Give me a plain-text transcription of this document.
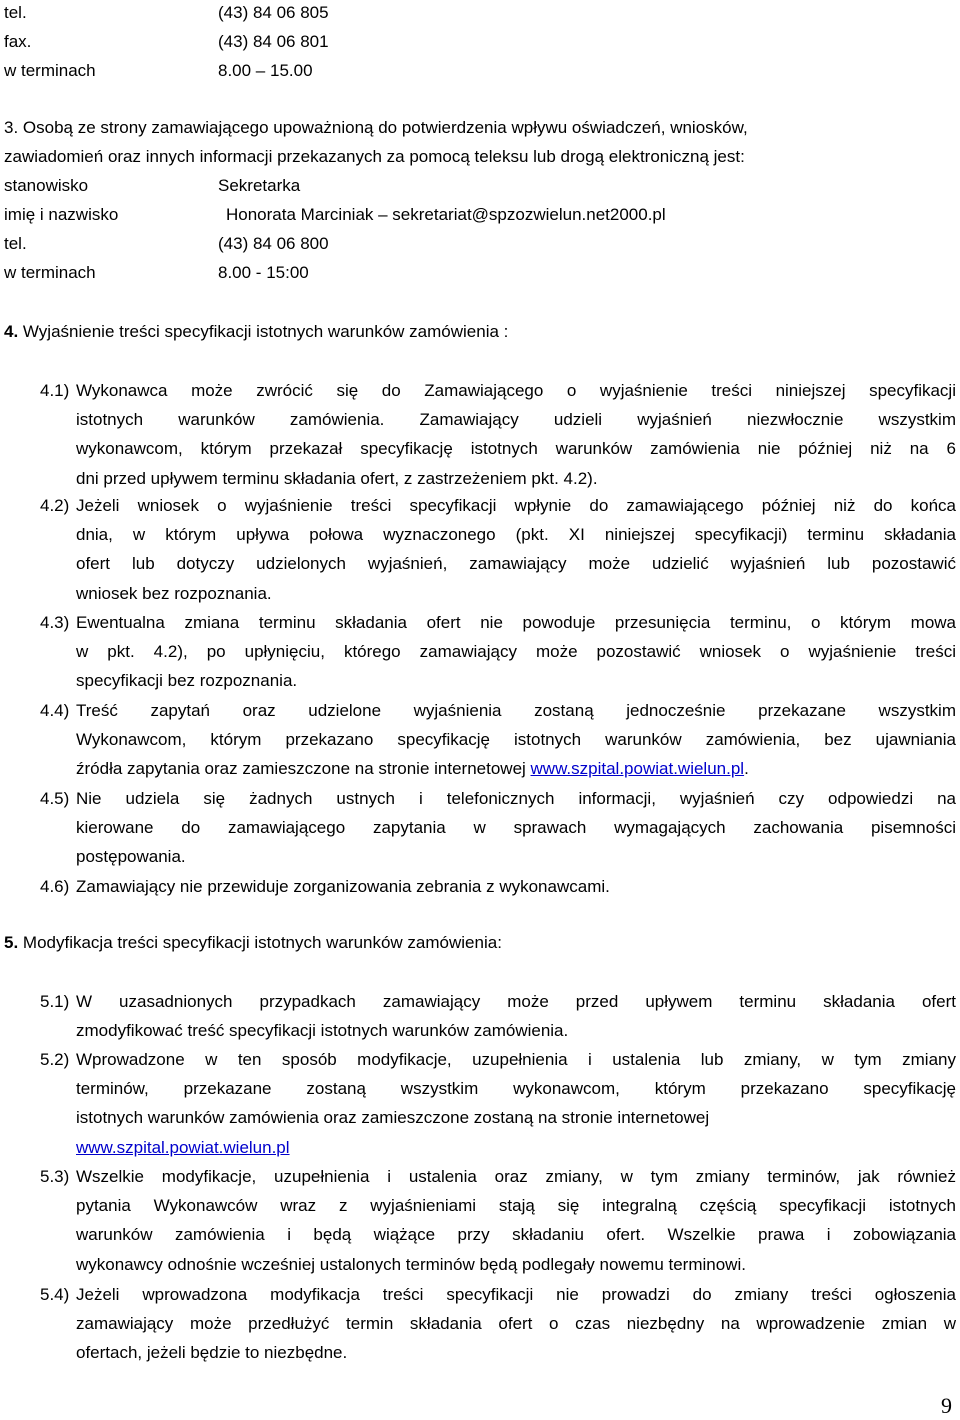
tel.	(43) 84 06 805
fax.	(43) 84 06 801
w terminach	8.00 – 15.00
3. Osobą ze strony zamawiającego upoważnioną do potwierdzenia wpływu oświadczeń, wniosków,
zawiadomień oraz innych informacji przekazanych za pomocą teleksu lub drogą elektroniczną jest:
stanowisko	Sekretarka
imię i nazwisko	Honorata Marciniak – sekretariat@spzozwielun.net2000.pl
tel.	(43) 84 06 800
w terminach	8.00 - 15:00
4. Wyjaśnienie treści specyfikacji istotnych warunków zamówienia :
4.1) Wykonawca może zwrócić się do Zamawiającego o wyjaśnienie treści niniejszej specyfikacji
istotnych warunków zamówienia. Zamawiający udzieli wyjaśnień niezwłocznie wszystkim
wykonawcom, którym przekazał specyfikację istotnych warunków zamówienia nie później niż na 6
dni przed upływem terminu składania ofert, z zastrzeżeniem pkt. 4.2).
4.2) Jeżeli wniosek o wyjaśnienie treści specyfikacji wpłynie do zamawiającego później niż do końca
dnia, w którym upływa połowa wyznaczonego (pkt. XI niniejszej specyfikacji) terminu składania
ofert lub dotyczy udzielonych wyjaśnień, zamawiający może udzielić wyjaśnień lub pozostawić
wniosek bez rozpoznania.
4.3) Ewentualna zmiana terminu składania ofert nie powoduje przesunięcia terminu, o którym mowa
w pkt. 4.2), po upłynięciu, którego zamawiający może pozostawić wniosek o wyjaśnienie treści
specyfikacji bez rozpoznania.
4.4) Treść zapytań oraz udzielone wyjaśnienia zostaną jednocześnie przekazane wszystkim
Wykonawcom, którym przekazano specyfikację istotnych warunków zamówienia, bez ujawniania
źródła zapytania oraz zamieszczone na stronie internetowej www.szpital.powiat.wielun.pl.
4.5) Nie udziela się żadnych ustnych i telefonicznych informacji, wyjaśnień czy odpowiedzi na
kierowane do zamawiającego zapytania w sprawach wymagających zachowania pisemności
postępowania.
4.6) Zamawiający nie przewiduje zorganizowania zebrania z wykonawcami.
5. Modyfikacja treści specyfikacji istotnych warunków zamówienia:
5.1) W uzasadnionych przypadkach zamawiający może przed upływem terminu składania ofert
zmodyfikować treść specyfikacji istotnych warunków zamówienia.
5.2) Wprowadzone w ten sposób modyfikacje, uzupełnienia i ustalenia lub zmiany, w tym zmiany
terminów, przekazane zostaną wszystkim wykonawcom, którym przekazano specyfikację
istotnych warunków zamówienia oraz zamieszczone zostaną na stronie internetowej
www.szpital.powiat.wielun.pl
5.3) Wszelkie modyfikacje, uzupełnienia i ustalenia oraz zmiany, w tym zmiany terminów, jak również
pytania Wykonawców wraz z wyjaśnieniami stają się integralną częścią specyfikacji istotnych
warunków zamówienia i będą wiążące przy składaniu ofert. Wszelkie prawa i zobowiązania
wykonawcy odnośnie wcześniej ustalonych terminów będą podlegały nowemu terminowi.
5.4) Jeżeli wprowadzona modyfikacja treści specyfikacji nie prowadzi do zmiany treści ogłoszenia
zamawiający może przedłużyć termin składania ofert o czas niezbędny na wprowadzenie zmian w
ofertach, jeżeli będzie to niezbędne.
9
